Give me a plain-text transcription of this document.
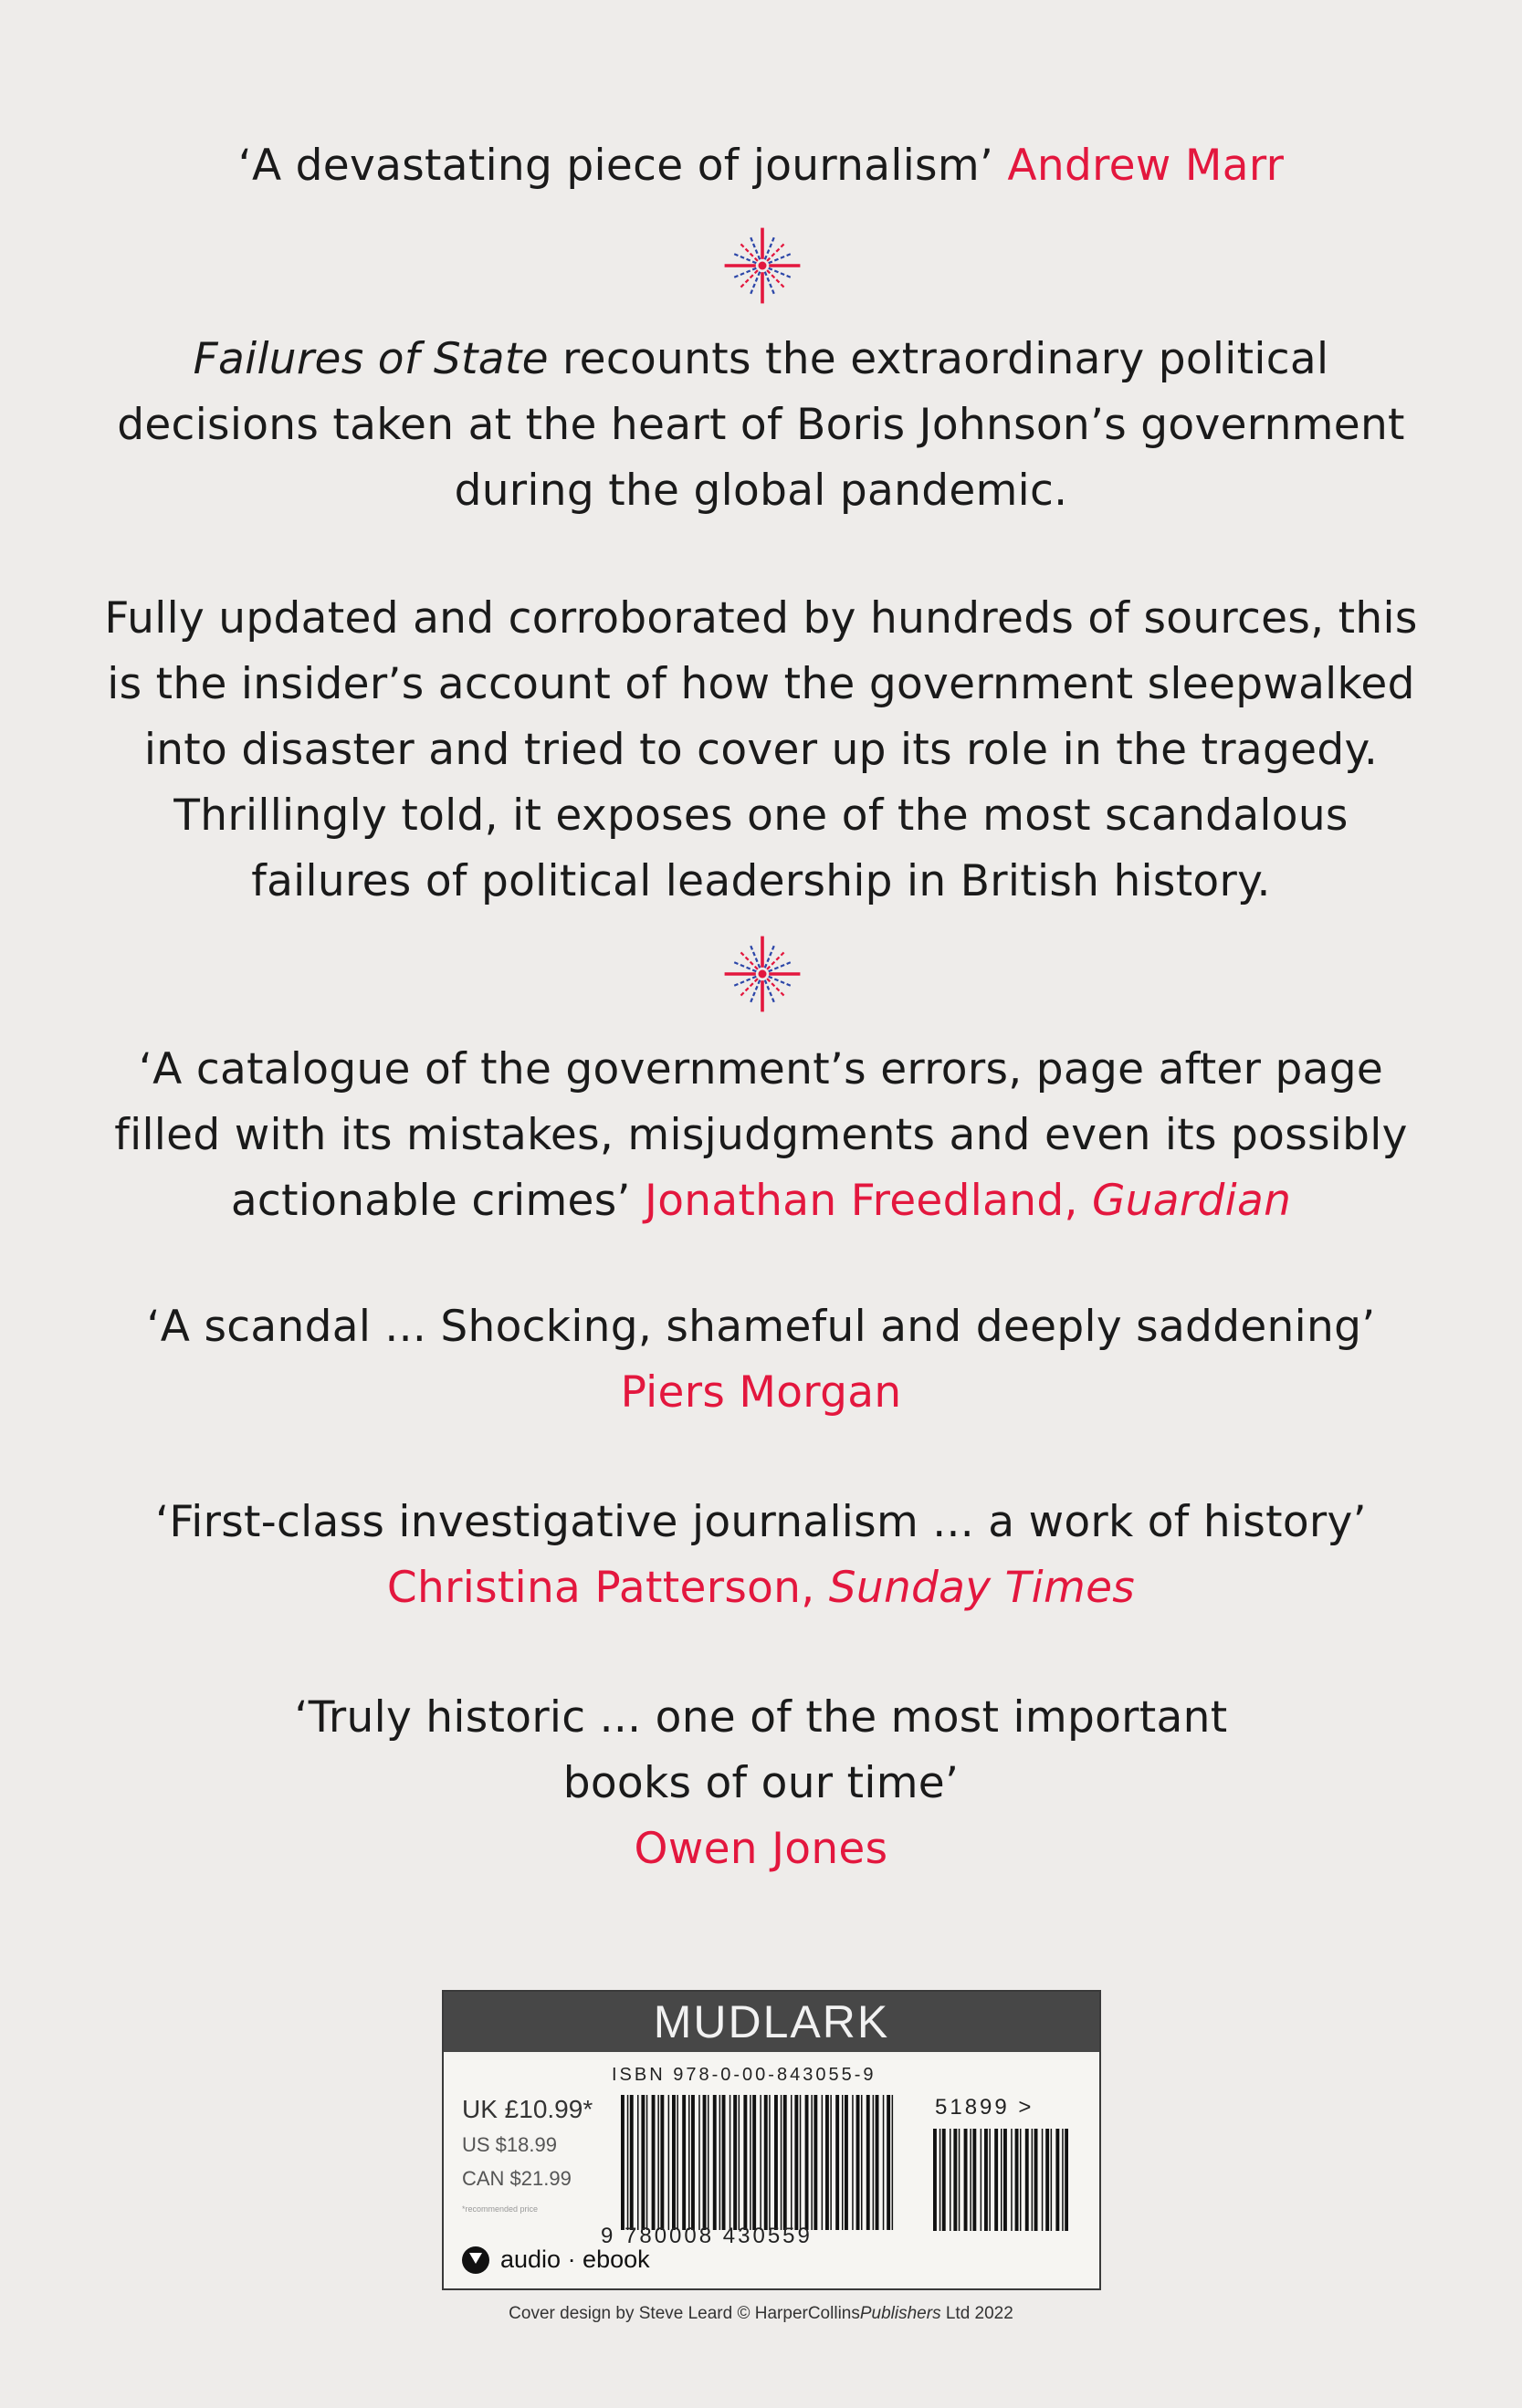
‘A devastating piece of journalism’ Andrew Marr
Failures of State recounts the extraordinary political
decisions taken at the heart of Boris Johnson’s government
during the global pandemic.
Fully updated and corroborated by hundreds of sources, this
is the insider’s account of how the government sleepwalked
into disaster and tried to cover up its role in the tragedy.
Thrillingly told, it exposes one of the most scandalous
failures of political leadership in British history.
‘A catalogue of the government’s errors, page after page
filled with its mistakes, misjudgments and even its possibly
actionable crimes’ Jonathan Freedland, Guardian
‘A scandal ... Shocking, shameful and deeply saddening’
Piers Morgan
‘First-class investigative journalism ... a work of history’
Christina Patterson, Sunday Times
‘Truly historic ... one of the most important
books of our time’
Owen Jones
MUDLARK
ISBN 978-0-00-843055-9
UK £10.99*
US $18.99
CAN $21.99
*recommended price
9 780008 430559
51899 >
audio · ebook
Cover design by Steve Leard © HarperCollinsPublishers Ltd 2022
